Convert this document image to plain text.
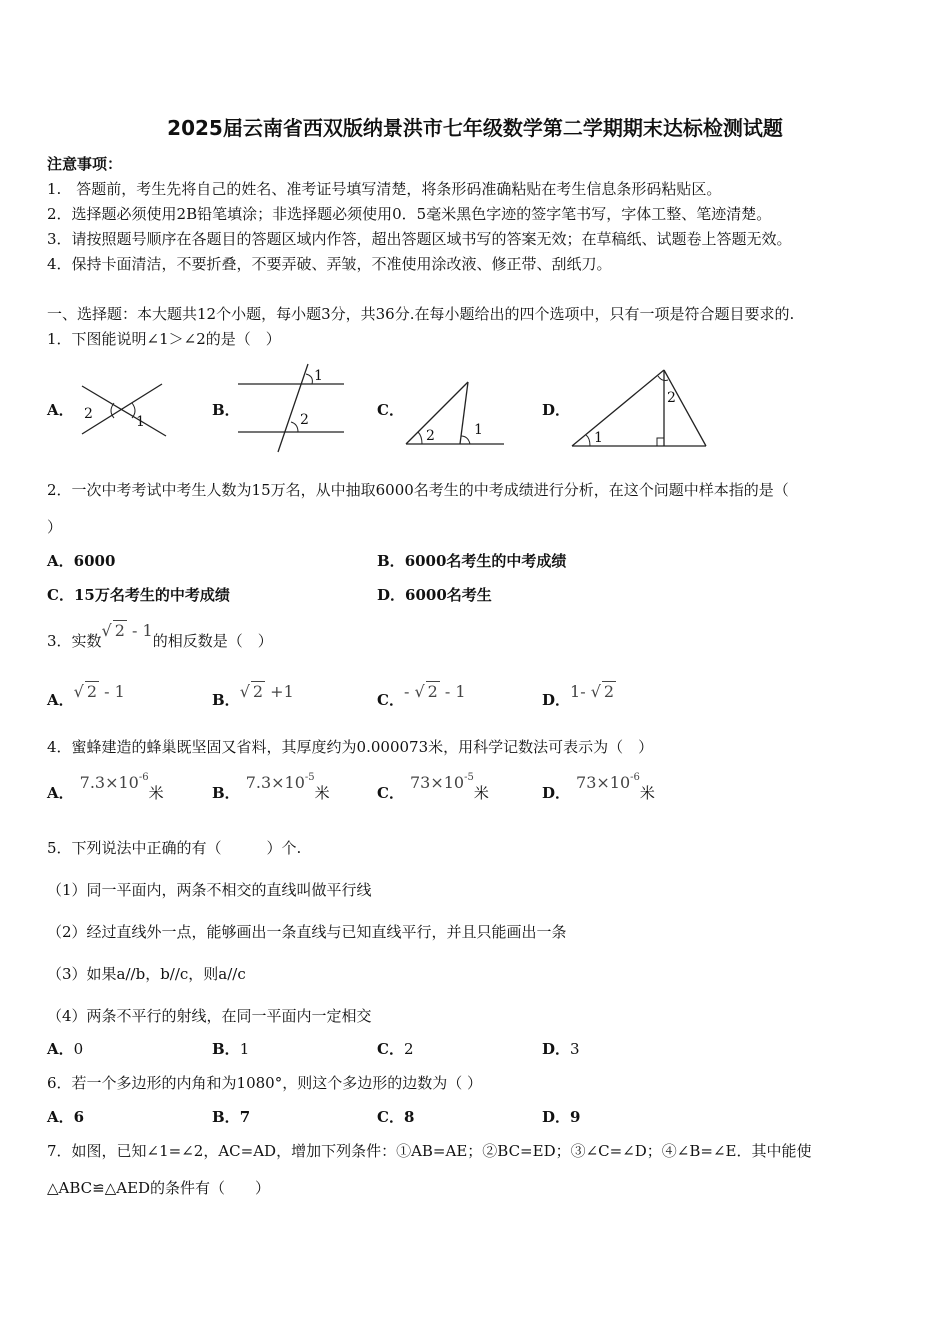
2025届云南省西双版纳景洪市七年级数学第二学期期末达标检测试题
注意事项：
1.　答题前，考生先将自己的姓名、准考证号填写清楚，将条形码准确粘贴在考生信息条形码粘贴区。
2．选择题必须使用2B铅笔填涂；非选择题必须使用0．5毫米黑色字迹的签字笔书写，字体工整、笔迹清楚。
3．请按照题号顺序在各题目的答题区域内作答，超出答题区域书写的答案无效；在草稿纸、试题卷上答题无效。
4．保持卡面清洁，不要折叠，不要弄破、弄皱，不准使用涂改液、修正带、刮纸刀。
一、选择题：本大题共12个小题，每小题3分，共36分.在每小题给出的四个选项中，只有一项是符合题目要求的.
1．下图能说明∠1＞∠2的是（　）
A． 2	1
B．
1
2
C．
2	1
D．
2
1
2．一次中考考试中考生人数为15万名，从中抽取6000名考生的中考成绩进行分析，在这个问题中样本指的是（
）
A．6000	B．6000名考生的中考成绩
C．15万名考生的中考成绩	D．6000名考生
3．实数√ 2 - 1的相反数是（　）
A．√ 2 - 1	B．√ 2 +1	C．- √ 2 - 1	D．1- √ 2
4．蜜蜂建造的蜂巢既坚固又省料，其厚度约为0.000073米，用科学记数法可表示为（　）
A．$7.3\times 10^{-6}$米	B．$7.3\times 10^{-5}$米	C．$73\times 10^{-5}$米	D．$73\times 10^{-6}$米
5．下列说法中正确的有（　　　）个.
（1）同一平面内，两条不相交的直线叫做平行线
（2）经过直线外一点，能够画出一条直线与已知直线平行，并且只能画出一条
（3）如果a//b，b//c，则a//c
（4）两条不平行的射线，在同一平面内一定相交
A．0	B．1	C．2	D．3
6．若一个多边形的内角和为1080°，则这个多边形的边数为（ ）
A．6	B．7	C．8	D．9
7．如图，已知∠1=∠2，AC=AD，增加下列条件：①AB=AE；②BC=ED；③∠C=∠D；④∠B=∠E．其中能使
△ABC≌△AED的条件有（　　）
